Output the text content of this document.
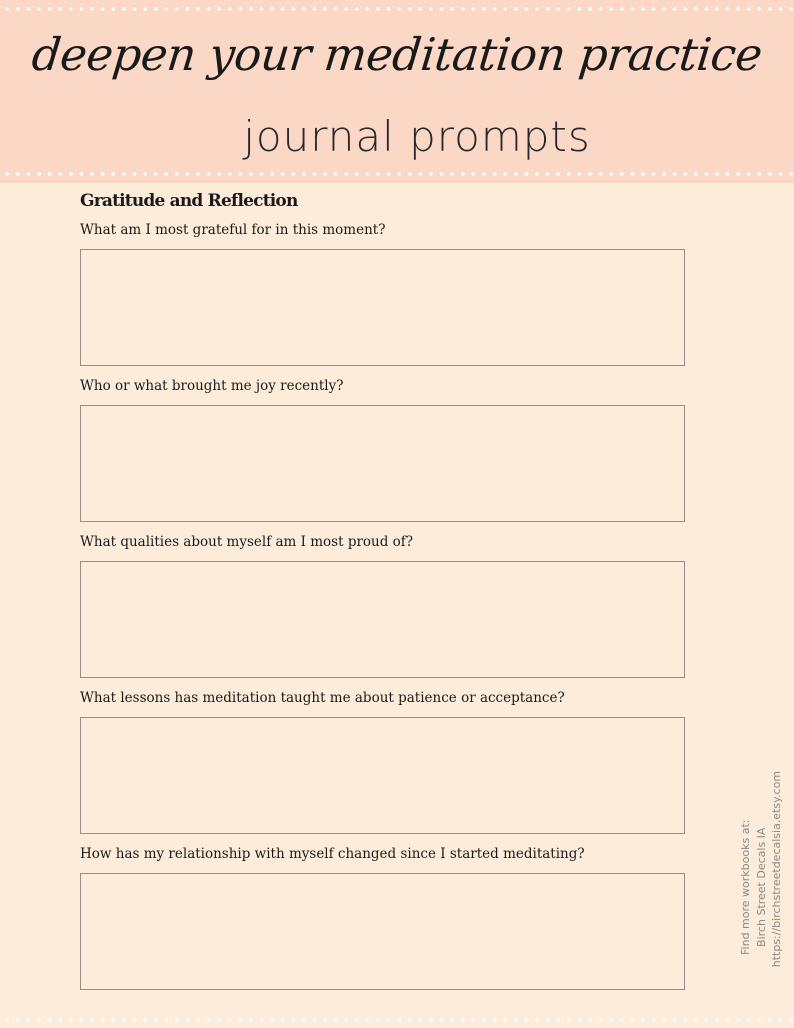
deepen your meditation practice
journal prompts
Gratitude and Reflection
What am I most grateful for in this moment?
Who or what brought me joy recently?
What qualities about myself am I most proud of?
What lessons has meditation taught me about patience or acceptance?
How has my relationship with myself changed since I started meditating?	Find more workbooks at: Birch Street Decals IA https://birchstreetdecalsia.etsy.com
